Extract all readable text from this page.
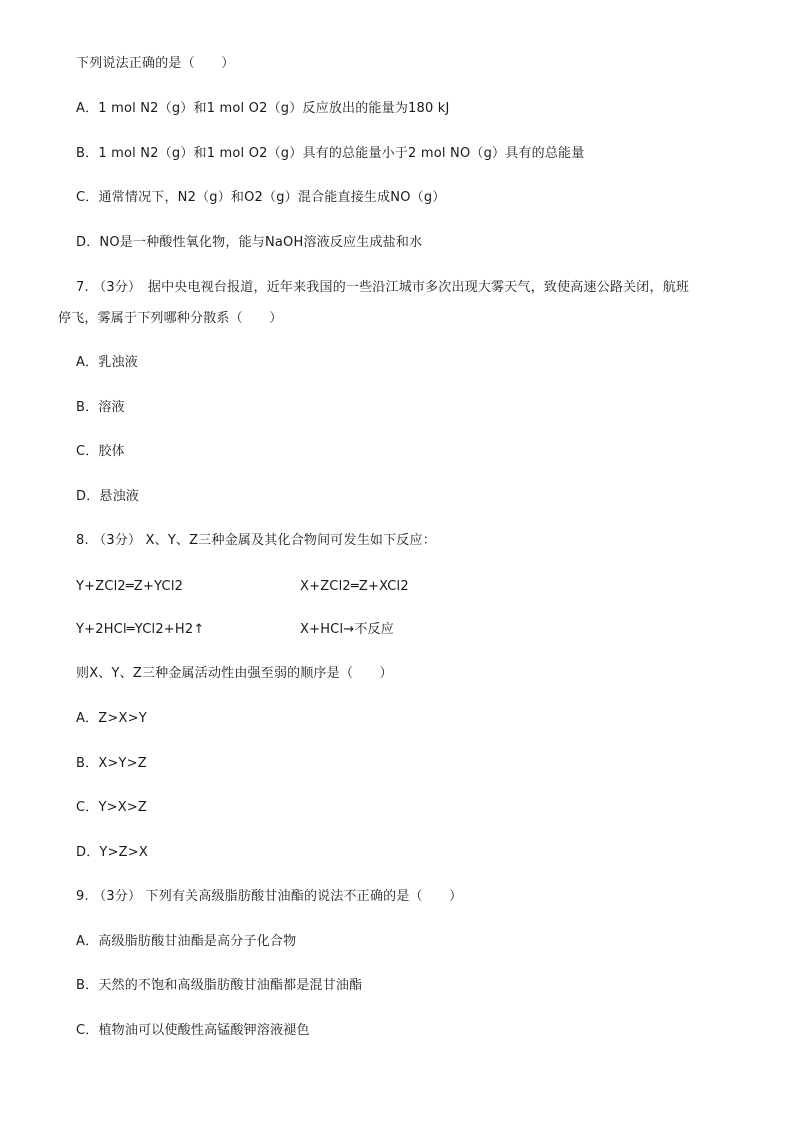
下列说法正确的是（　　）
A．1 mol N2（g）和1 mol O2（g）反应放出的能量为180 kJ
B．1 mol N2（g）和1 mol O2（g）具有的总能量小于2 mol NO（g）具有的总能量
C．通常情况下，N2（g）和O2（g）混合能直接生成NO（g）
D．NO是一种酸性氧化物，能与NaOH溶液反应生成盐和水
7. （3分）　据中央电视台报道，近年来我国的一些沿江城市多次出现大雾天气，致使高速公路关闭，航班
停飞，雾属于下列哪种分散系（　　）
A．乳浊液
B．溶液
C．胶体
D．悬浊液
8. （3分） X、Y、Z三种金属及其化合物间可发生如下反应：
Y+ZCl2═Z+YCl2	X+ZCl2═Z+XCl2
Y+2HCl═YCl2+H2↑	X+HCl→不反应
则X、Y、Z三种金属活动性由强至弱的顺序是（　　）
A．Z>X>Y
B．X>Y>Z
C．Y>X>Z
D．Y>Z>X
9. （3分） 下列有关高级脂肪酸甘油酯的说法不正确的是（　　）
A．高级脂肪酸甘油酯是高分子化合物
B．天然的不饱和高级脂肪酸甘油酯都是混甘油酯
C．植物油可以使酸性高锰酸钾溶液褪色
